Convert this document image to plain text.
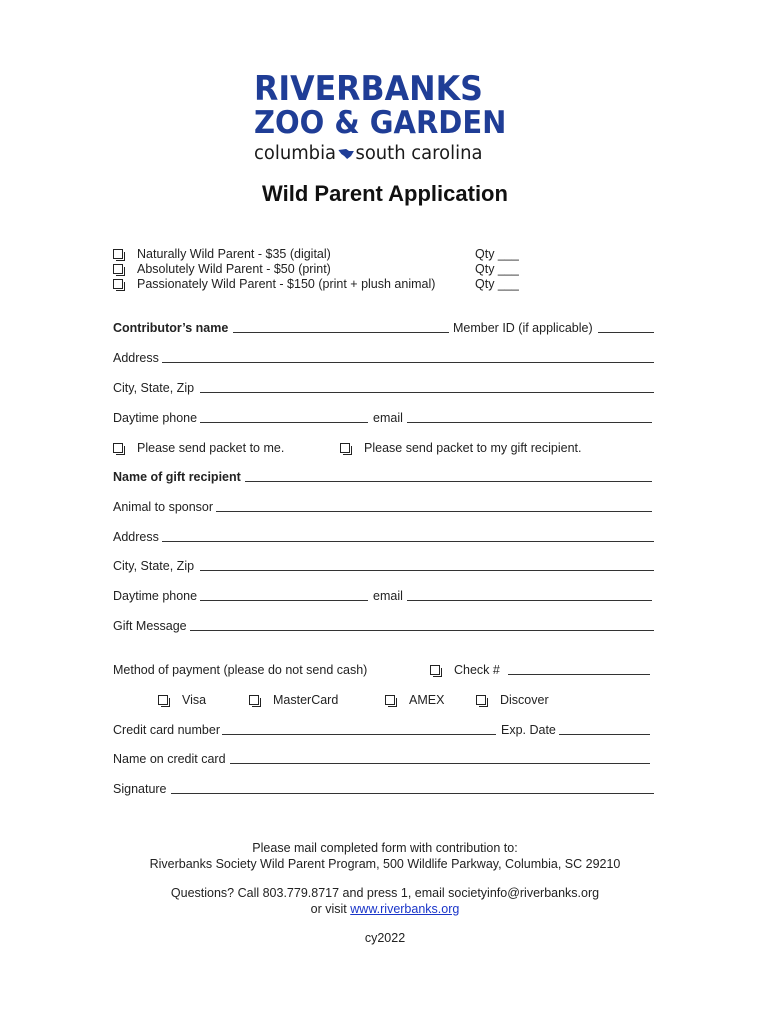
RIVERBANKS
ZOO & GARDEN
columbia south carolina
Wild Parent Application
Naturally Wild Parent - $35 (digital)	Qty ___
Absolutely Wild Parent - $50 (print)	Qty ___
Passionately Wild Parent - $150 (print + plush animal)	Qty ___
Contributor’s name	Member ID (if applicable)
Address
City, State, Zip
Daytime phone	email
Please send packet to me.	Please send packet to my gift recipient.
Name of gift recipient
Animal to sponsor
Address
City, State, Zip
Daytime phone	email
Gift Message
Method of payment (please do not send cash)	Check #
Visa	MasterCard	AMEX	Discover
Credit card number	Exp. Date
Name on credit card
Signature
Please mail completed form with contribution to:
Riverbanks Society Wild Parent Program, 500 Wildlife Parkway, Columbia, SC 29210
Questions? Call 803.779.8717 and press 1, email societyinfo@riverbanks.org
or visit www.riverbanks.org
cy2022
